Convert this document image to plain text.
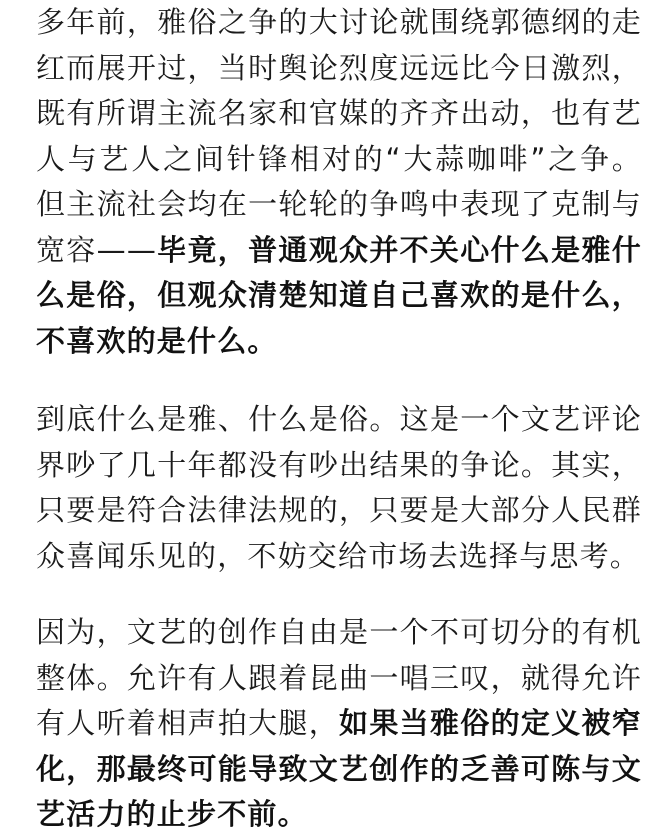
多年前，雅俗之争的大讨论就围绕郭德纲的走红而展开过，当时舆论烈度远远比今日激烈，既有所谓主流名家和官媒的齐齐出动，也有艺人与艺人之间针锋相对的“大蒜咖啡”之争。但主流社会均在一轮轮的争鸣中表现了克制与宽容——毕竟，普通观众并不关心什么是雅什么是俗，但观众清楚知道自己喜欢的是什么，不喜欢的是什么。

到底什么是雅、什么是俗。这是一个文艺评论界吵了几十年都没有吵出结果的争论。其实，只要是符合法律法规的，只要是大部分人民群众喜闻乐见的，不妨交给市场去选择与思考。

因为，文艺的创作自由是一个不可切分的有机整体。允许有人跟着昆曲一唱三叹，就得允许有人听着相声拍大腿，如果当雅俗的定义被窄化，那最终可能导致文艺创作的乏善可陈与文艺活力的止步不前。
